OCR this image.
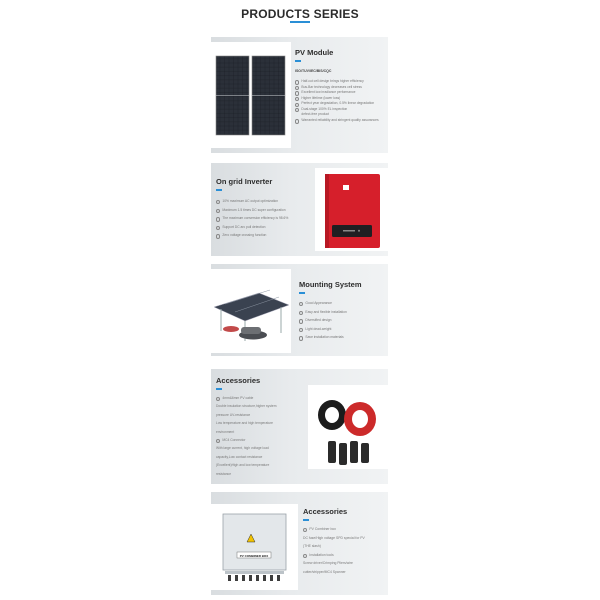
PRODUCTS SERIES
PV Module
ISO/TUV/IEC/BIS/CQC
Half-cut cell design brings higher efficiency
Bus-Bar technology decreases cell stress
Excellent low irradiance performance
Higher lifetime (lower loss)
Perfect year degradation, 0.5% linear degradation
Dual-stage 100% EL inspection
defect-free product
Warranted reliability and stringent quality assurances
On grid Inverter
10% maximum AC output optimization
Maximum 1.5 times DC super configuration
The maximum conversion efficiency is 98.6%
Support DC arc pull detection
Zero voltage crossing function
Mounting System
Good Appearance
Easy and flexible installation
Diversified design
Light dead-weight
Save installation materials
Accessories
4mm&6mm PV cable
Double insulation structure,higher system
pressure UV-resistance
Low temperature and high temperature
environment
MC4 Connector
With large current, high voltage load
capacity,Low contact resistance
(Excellent)High and low temperature
resistance
PV COMBINER BOX
Accessories
PV Combiner box
DC fuse/High voltage SPD special for PV
(THE slash)
Installation tools
Screw driver/Crimping Pliers/wire
cutter/stripper/MC4 Spanner
